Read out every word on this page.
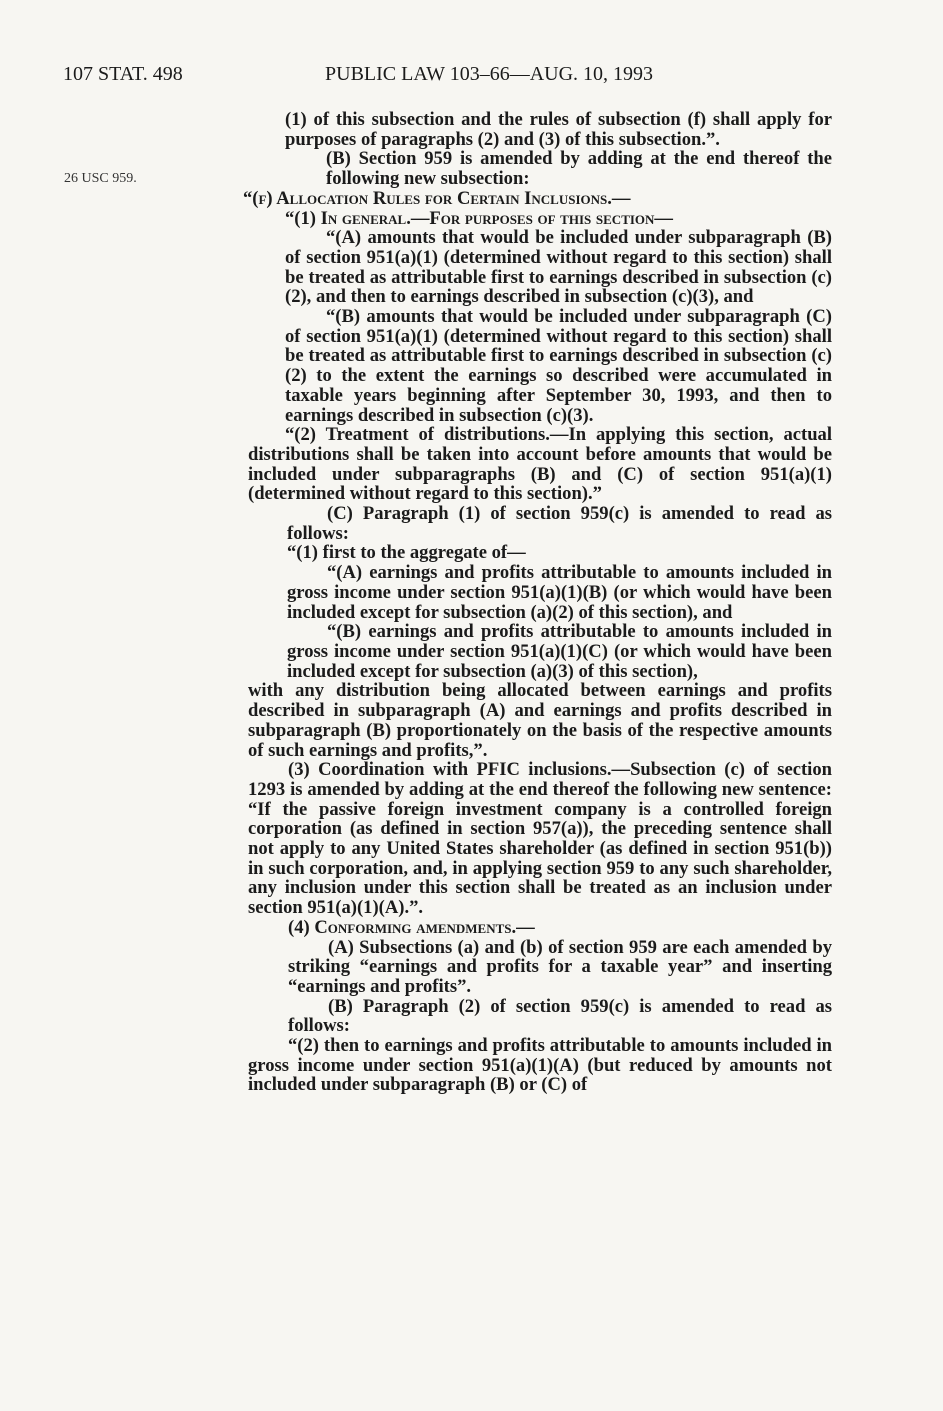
107 STAT. 498	PUBLIC LAW 103–66—AUG. 10, 1993
26 USC 959.

(1) of this subsection and the rules of subsection (f) shall apply for purposes of paragraphs (2) and (3) of this subsection.”.

(B) Section 959 is amended by adding at the end thereof the following new subsection:

“(f) Allocation Rules for Certain Inclusions.—

“(1) In general.—For purposes of this section—

“(A) amounts that would be included under subparagraph (B) of section 951(a)(1) (determined without regard to this section) shall be treated as attributable first to earnings described in subsection (c)(2), and then to earnings described in subsection (c)(3), and

“(B) amounts that would be included under subparagraph (C) of section 951(a)(1) (determined without regard to this section) shall be treated as attributable first to earnings described in subsection (c)(2) to the extent the earnings so described were accumulated in taxable years beginning after September 30, 1993, and then to earnings described in subsection (c)(3).

“(2) Treatment of distributions.—In applying this section, actual distributions shall be taken into account before amounts that would be included under subparagraphs (B) and (C) of section 951(a)(1) (determined without regard to this section).”

(C) Paragraph (1) of section 959(c) is amended to read as follows:

“(1) first to the aggregate of—

“(A) earnings and profits attributable to amounts included in gross income under section 951(a)(1)(B) (or which would have been included except for subsection (a)(2) of this section), and

“(B) earnings and profits attributable to amounts included in gross income under section 951(a)(1)(C) (or which would have been included except for subsection (a)(3) of this section),

with any distribution being allocated between earnings and profits described in subparagraph (A) and earnings and profits described in subparagraph (B) proportionately on the basis of the respective amounts of such earnings and profits,”.

(3) Coordination with PFIC inclusions.—Subsection (c) of section 1293 is amended by adding at the end thereof the following new sentence: “If the passive foreign investment company is a controlled foreign corporation (as defined in section 957(a)), the preceding sentence shall not apply to any United States shareholder (as defined in section 951(b)) in such corporation, and, in applying section 959 to any such shareholder, any inclusion under this section shall be treated as an inclusion under section 951(a)(1)(A).”.

(4) Conforming amendments.—

(A) Subsections (a) and (b) of section 959 are each amended by striking “earnings and profits for a taxable year” and inserting “earnings and profits”.

(B) Paragraph (2) of section 959(c) is amended to read as follows:

“(2) then to earnings and profits attributable to amounts included in gross income under section 951(a)(1)(A) (but reduced by amounts not included under subparagraph (B) or (C) of
